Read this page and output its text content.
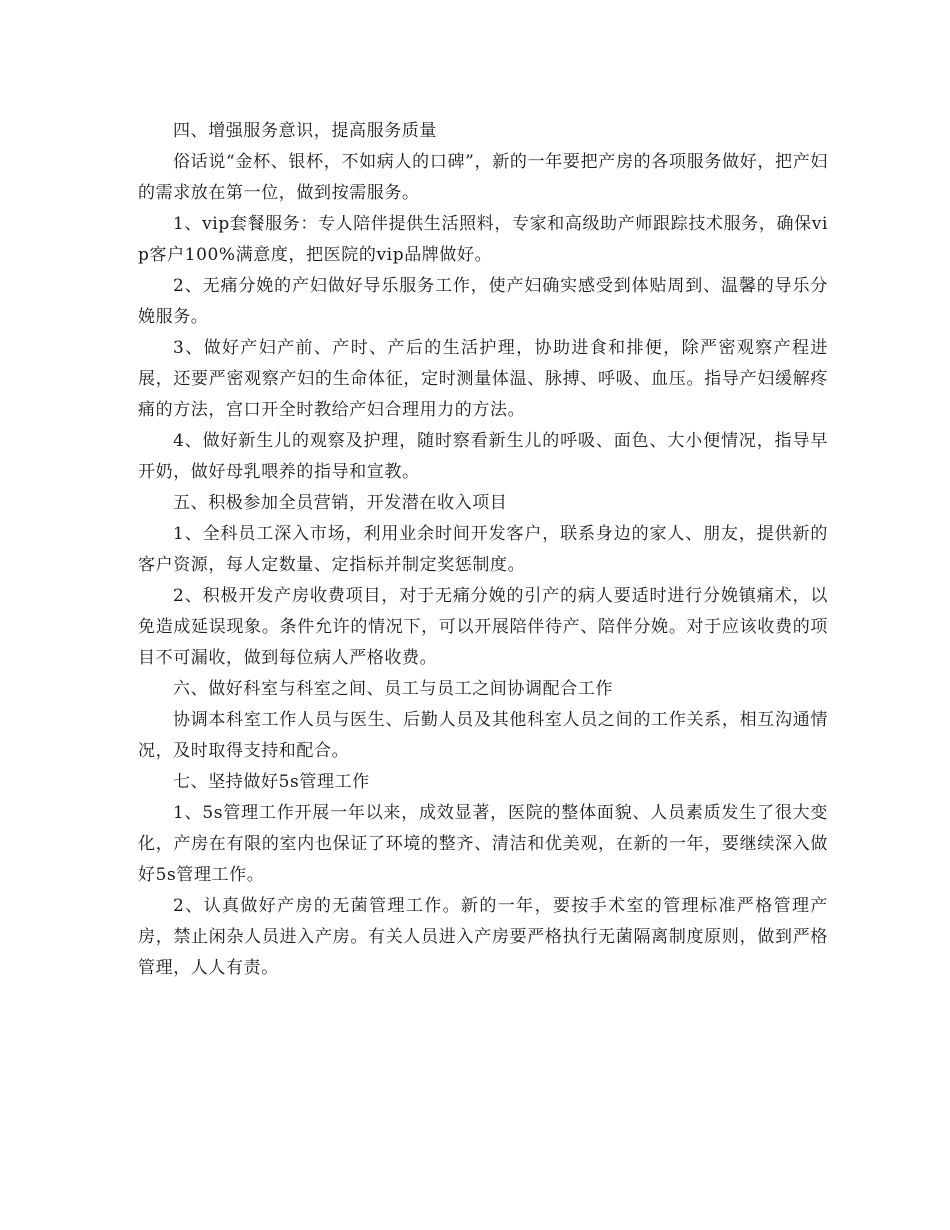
四、增强服务意识，提高服务质量

俗话说“金杯、银杯，不如病人的口碑”，新的一年要把产房的各项服务做好，把产妇的需求放在第一位，做到按需服务。

1、vip套餐服务：专人陪伴提供生活照料，专家和高级助产师跟踪技术服务，确保vip客户100%满意度，把医院的vip品牌做好。

2、无痛分娩的产妇做好导乐服务工作，使产妇确实感受到体贴周到、温馨的导乐分娩服务。

3、做好产妇产前、产时、产后的生活护理，协助进食和排便，除严密观察产程进展，还要严密观察产妇的生命体征，定时测量体温、脉搏、呼吸、血压。指导产妇缓解疼痛的方法，宫口开全时教给产妇合理用力的方法。

4、做好新生儿的观察及护理，随时察看新生儿的呼吸、面色、大小便情况，指导早开奶，做好母乳喂养的指导和宣教。

五、积极参加全员营销，开发潜在收入项目

1、全科员工深入市场，利用业余时间开发客户，联系身边的家人、朋友，提供新的客户资源，每人定数量、定指标并制定奖惩制度。

2、积极开发产房收费项目，对于无痛分娩的引产的病人要适时进行分娩镇痛术，以免造成延误现象。条件允许的情况下，可以开展陪伴待产、陪伴分娩。对于应该收费的项目不可漏收，做到每位病人严格收费。

六、做好科室与科室之间、员工与员工之间协调配合工作

协调本科室工作人员与医生、后勤人员及其他科室人员之间的工作关系，相互沟通情况，及时取得支持和配合。

七、坚持做好5s管理工作

1、5s管理工作开展一年以来，成效显著，医院的整体面貌、人员素质发生了很大变化，产房在有限的室内也保证了环境的整齐、清洁和优美观，在新的一年，要继续深入做好5s管理工作。

2、认真做好产房的无菌管理工作。新的一年，要按手术室的管理标准严格管理产房，禁止闲杂人员进入产房。有关人员进入产房要严格执行无菌隔离制度原则，做到严格管理，人人有责。
